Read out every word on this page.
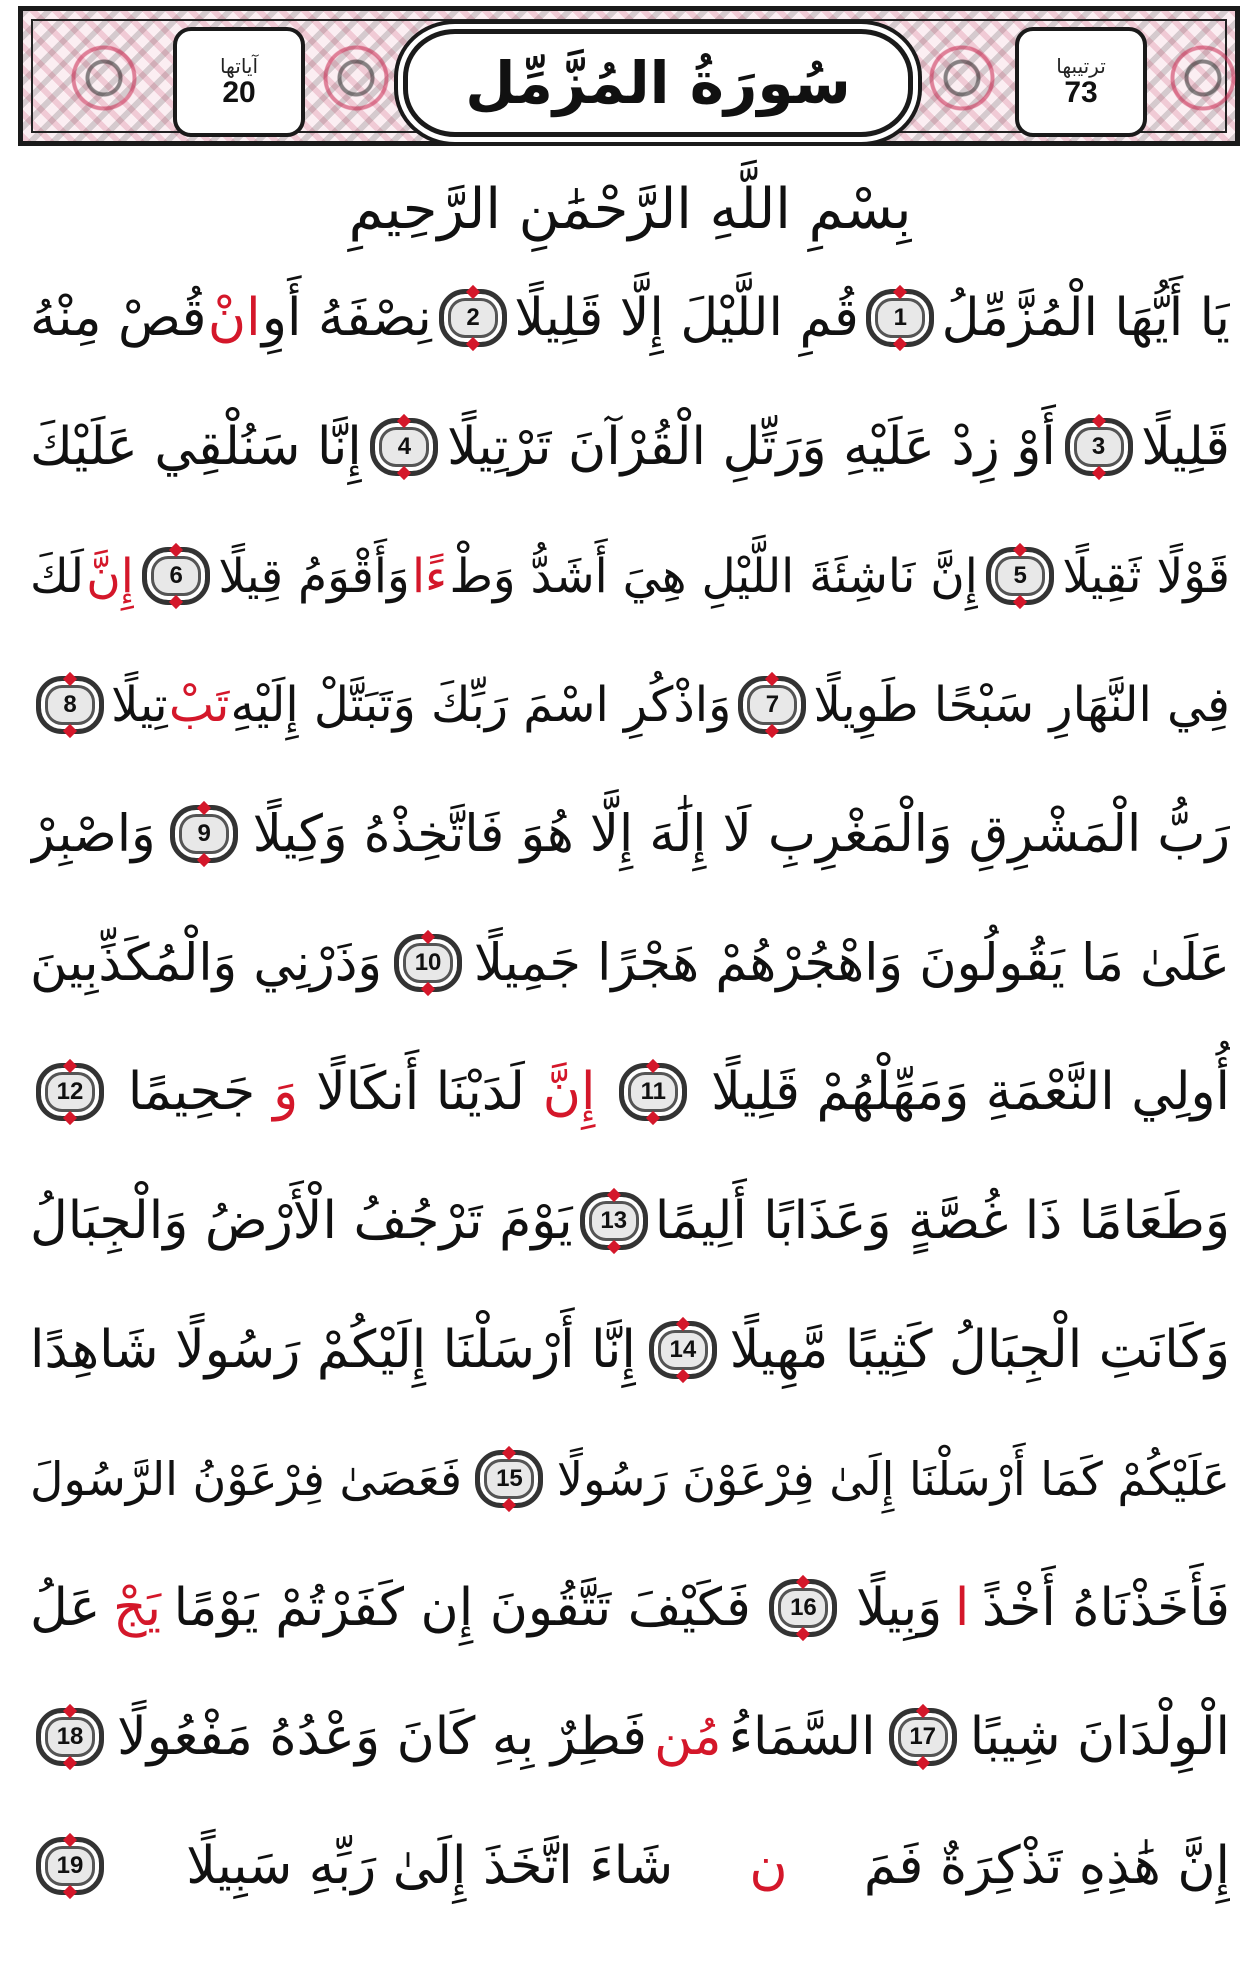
آياتها
20	سُورَةُ المُزَّمِّل	ترتيبها
73
بِسْمِ اللَّهِ الرَّحْمَٰنِ الرَّحِيمِ
يَا أَيُّهَا الْمُزَّمِّلُ
1
قُمِ اللَّيْلَ إِلَّا قَلِيلًا
2
نِصْفَهُ أَوِ
انْ
قُصْ مِنْهُ
قَلِيلًا
3
أَوْ زِدْ عَلَيْهِ وَرَتِّلِ الْقُرْآنَ تَرْتِيلًا
4
إِنَّا سَنُلْقِي عَلَيْكَ
قَوْلًا ثَقِيلًا
5
إِنَّ نَاشِئَةَ اللَّيْلِ هِيَ أَشَدُّ وَطْ
ءًا
وَأَقْوَمُ قِيلًا
6
إِنَّ
لَكَ
فِي النَّهَارِ سَبْحًا طَوِيلًا
7
وَاذْكُرِ اسْمَ رَبِّكَ وَتَبَتَّلْ إِلَيْهِ
تَبْ
تِيلًا
8
رَبُّ الْمَشْرِقِ وَالْمَغْرِبِ لَا إِلَٰهَ إِلَّا هُوَ فَاتَّخِذْهُ وَكِيلًا
9
وَاصْبِرْ
عَلَىٰ مَا يَقُولُونَ وَاهْجُرْهُمْ هَجْرًا جَمِيلًا
10
وَذَرْنِي وَالْمُكَذِّبِينَ
أُولِي النَّعْمَةِ وَمَهِّلْهُمْ قَلِيلًا
11
إِنَّ
لَدَيْنَا أَنكَالًا
وَ
جَحِيمًا
12
وَطَعَامًا ذَا غُصَّةٍ وَعَذَابًا أَلِيمًا
13
يَوْمَ تَرْجُفُ الْأَرْضُ وَالْجِبَالُ
وَكَانَتِ الْجِبَالُ كَثِيبًا مَّهِيلًا
14
إِنَّا أَرْسَلْنَا إِلَيْكُمْ رَسُولًا شَاهِدًا
عَلَيْكُمْ كَمَا أَرْسَلْنَا إِلَىٰ فِرْعَوْنَ رَسُولًا
15
فَعَصَىٰ فِرْعَوْنُ الرَّسُولَ
فَأَخَذْنَاهُ أَخْذً
ا
وَبِيلًا
16
فَكَيْفَ تَتَّقُونَ إِن كَفَرْتُمْ يَوْمًا
يَجْ
عَلُ
الْوِلْدَانَ شِيبًا
17
السَّمَاءُ
مُن
فَطِرٌ بِهِ كَانَ وَعْدُهُ مَفْعُولًا
18
إِنَّ هَٰذِهِ تَذْكِرَةٌ فَمَ
ن
شَاءَ اتَّخَذَ إِلَىٰ رَبِّهِ سَبِيلًا
19
